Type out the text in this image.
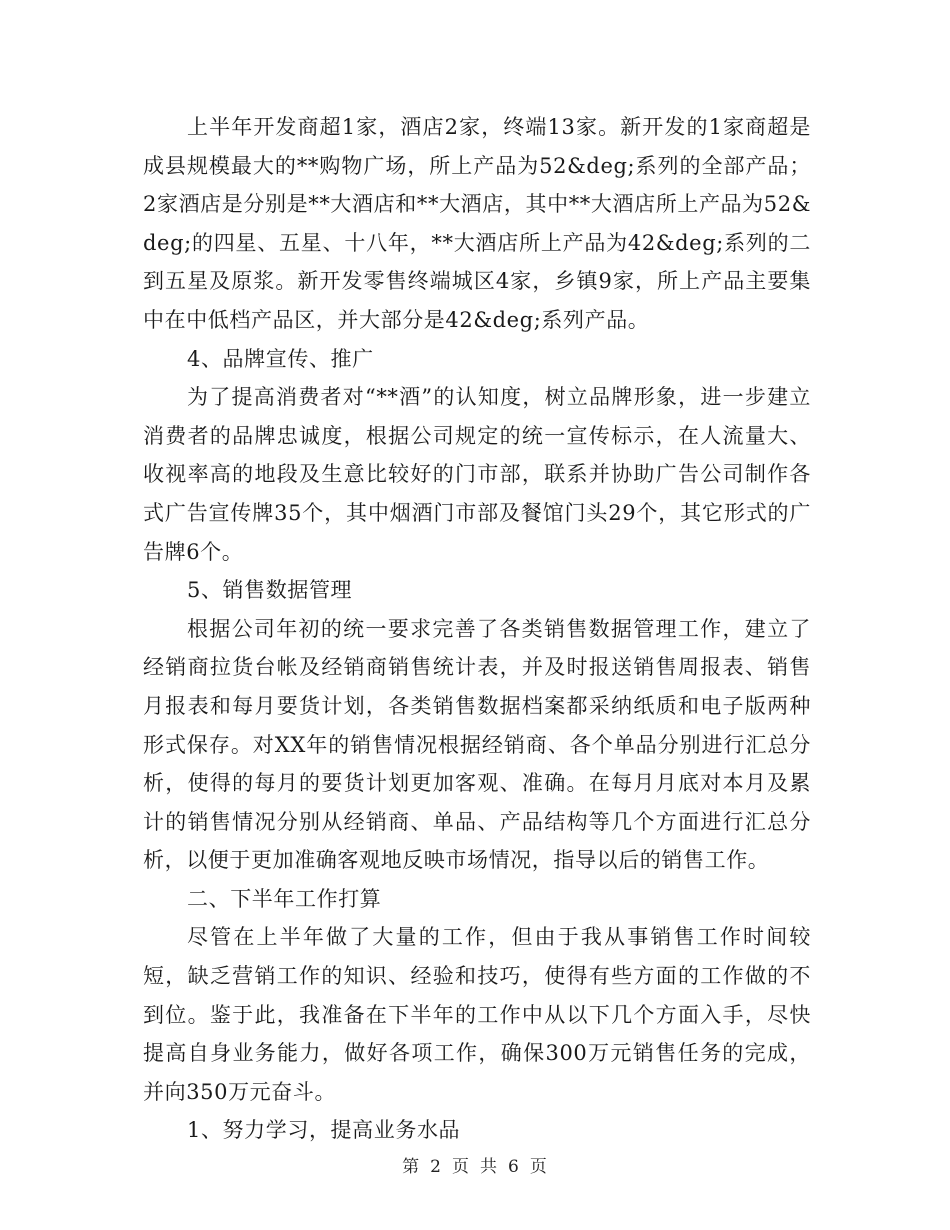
上半年开发商超1家，酒店2家，终端13家。新开发的1家商超是成县规模最大的**购物广场，所上产品为52&deg;系列的全部产品；2家酒店是分别是**大酒店和**大酒店，其中**大酒店所上产品为52&deg;的四星、五星、十八年，**大酒店所上产品为42&deg;系列的二到五星及原浆。新开发零售终端城区4家，乡镇9家，所上产品主要集中在中低档产品区，并大部分是42&deg;系列产品。

4、品牌宣传、推广

为了提高消费者对“**酒”的认知度，树立品牌形象，进一步建立消费者的品牌忠诚度，根据公司规定的统一宣传标示，在人流量大、收视率高的地段及生意比较好的门市部，联系并协助广告公司制作各式广告宣传牌35个，其中烟酒门市部及餐馆门头29个，其它形式的广告牌6个。

5、销售数据管理

根据公司年初的统一要求完善了各类销售数据管理工作，建立了经销商拉货台帐及经销商销售统计表，并及时报送销售周报表、销售月报表和每月要货计划，各类销售数据档案都采纳纸质和电子版两种形式保存。对XX年的销售情况根据经销商、各个单品分别进行汇总分析，使得的每月的要货计划更加客观、准确。在每月月底对本月及累计的销售情况分别从经销商、单品、产品结构等几个方面进行汇总分析，以便于更加准确客观地反映市场情况，指导以后的销售工作。

二、下半年工作打算

尽管在上半年做了大量的工作，但由于我从事销售工作时间较短，缺乏营销工作的知识、经验和技巧，使得有些方面的工作做的不到位。鉴于此，我准备在下半年的工作中从以下几个方面入手，尽快提高自身业务能力，做好各项工作，确保300万元销售任务的完成，并向350万元奋斗。

1、努力学习，提高业务水品

第 2 页 共 6 页
